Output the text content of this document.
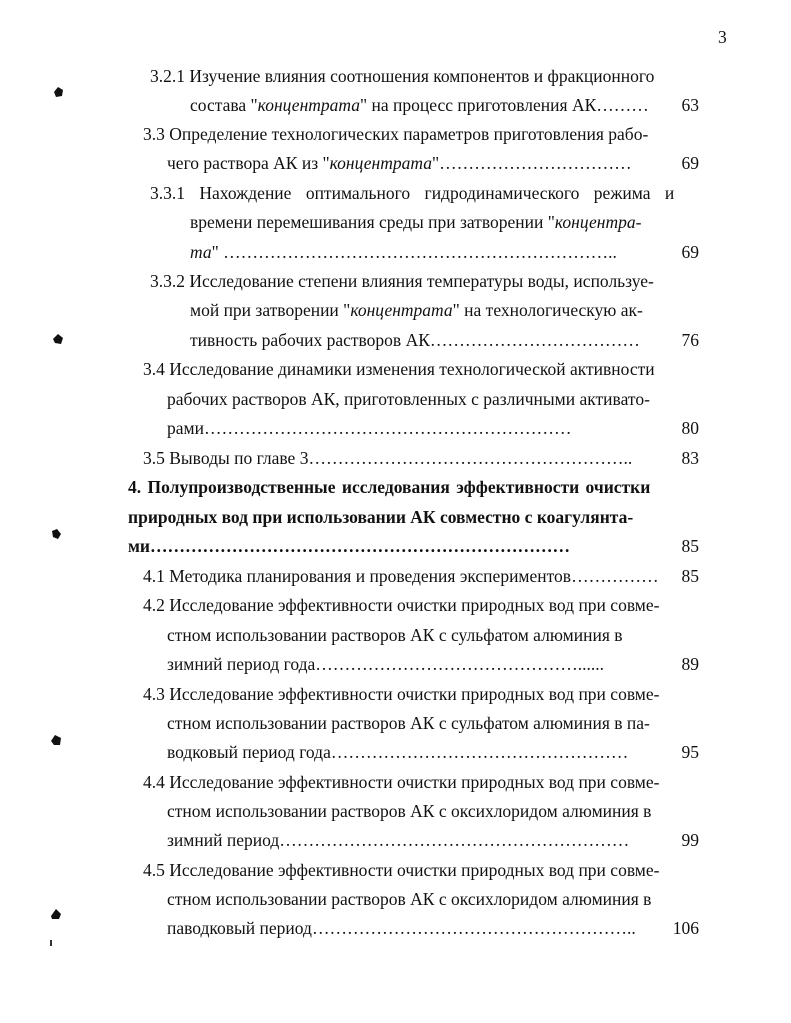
3
3.2.1 Изучение влияния соотношения компонентов и фракционного
состава "концентрата" на процесс приготовления АК………	63
3.3 Определение технологических параметров приготовления рабо-
чего раствора АК из "концентрата"……………………………	69
3.3.1 Нахождение оптимального гидродинамического режима и
времени перемешивания среды при затворении "концентра-
та" …………………………………………………………..	69
3.3.2 Исследование степени влияния температуры воды, используе-
мой при затворении "концентрата" на технологическую ак-
тивность рабочих растворов АК………………………………	76
3.4 Исследование динамики изменения технологической активности
рабочих растворов АК, приготовленных с различными активато-
рами………………………………………………………	80
3.5 Выводы по главе 3………………………………………………..	83
4. Полупроизводственные исследования эффективности очистки
природных вод при использовании АК совместно с коагулянта-
ми………………………………………………………………	85
4.1 Методика планирования и проведения экспериментов……………	85
4.2 Исследование эффективности очистки природных вод при совме-
стном использовании растворов АК с сульфатом алюминия в
зимний период года………………………………………......	89
4.3 Исследование эффективности очистки природных вод при совме-
стном использовании растворов АК с сульфатом алюминия в па-
водковый период года……………………………………………	95
4.4 Исследование эффективности очистки природных вод при совме-
стном использовании растворов АК с оксихлоридом алюминия в
зимний период……………………………………………………	99
4.5 Исследование эффективности очистки природных вод при совме-
стном использовании растворов АК с оксихлоридом алюминия в
паводковый период………………………………………………..	106
